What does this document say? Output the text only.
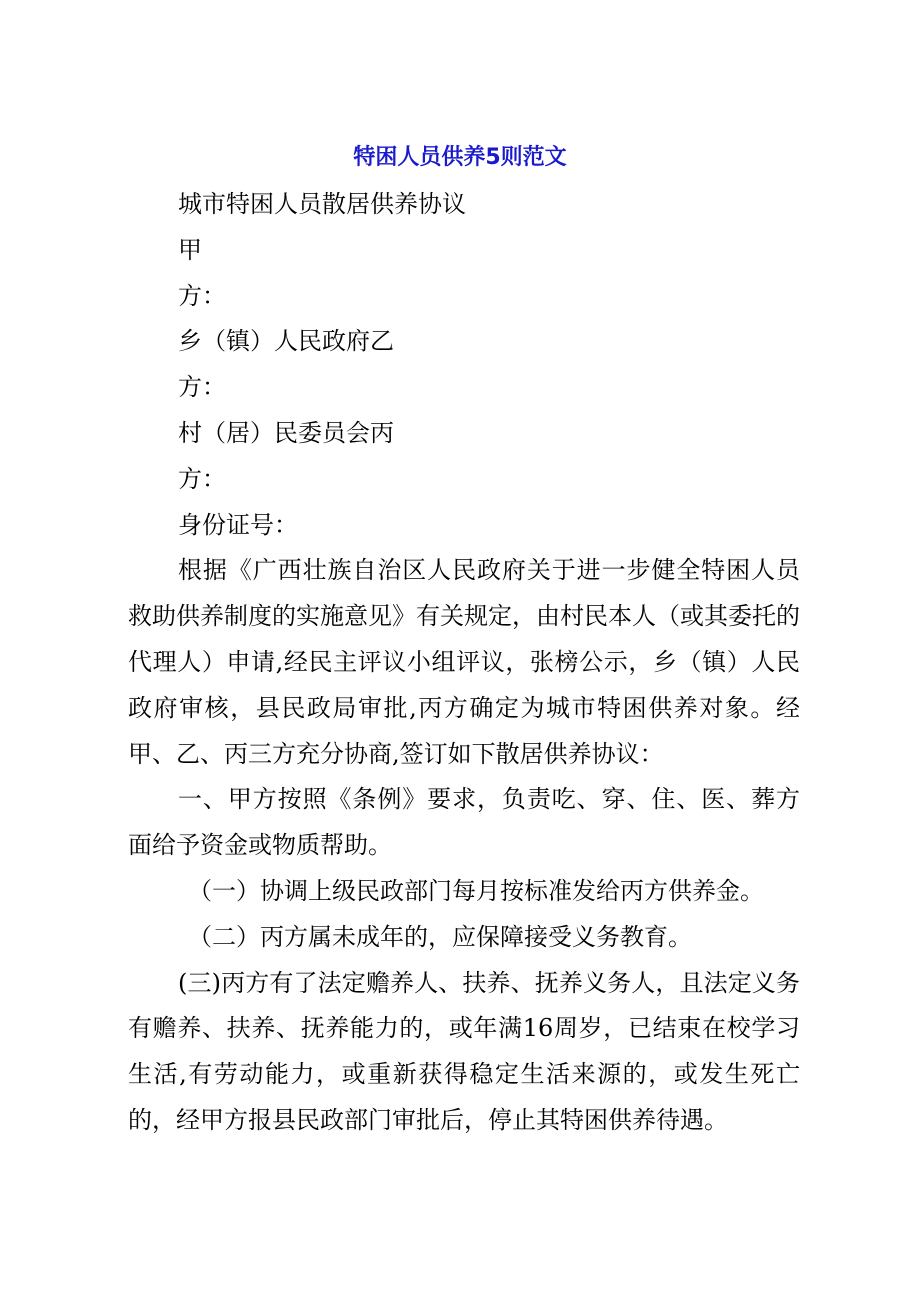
特困人员供养5则范文

城市特困人员散居供养协议

甲

方：

乡（镇）人民政府乙

方：

村（居）民委员会丙

方：

身份证号：

根据《广西壮族自治区人民政府关于进一步健全特困人员救助供养制度的实施意见》有关规定，由村民本人（或其委托的代理人）申请,经民主评议小组评议，张榜公示，乡（镇）人民政府审核，县民政局审批,丙方确定为城市特困供养对象。经甲、乙、丙三方充分协商,签订如下散居供养协议：

一、甲方按照《条例》要求，负责吃、穿、住、医、葬方面给予资金或物质帮助。

（一）协调上级民政部门每月按标准发给丙方供养金。

（二）丙方属未成年的，应保障接受义务教育。

(三)丙方有了法定赡养人、扶养、抚养义务人，且法定义务有赡养、扶养、抚养能力的，或年满16周岁，已结束在校学习生活,有劳动能力，或重新获得稳定生活来源的，或发生死亡的，经甲方报县民政部门审批后，停止其特困供养待遇。
